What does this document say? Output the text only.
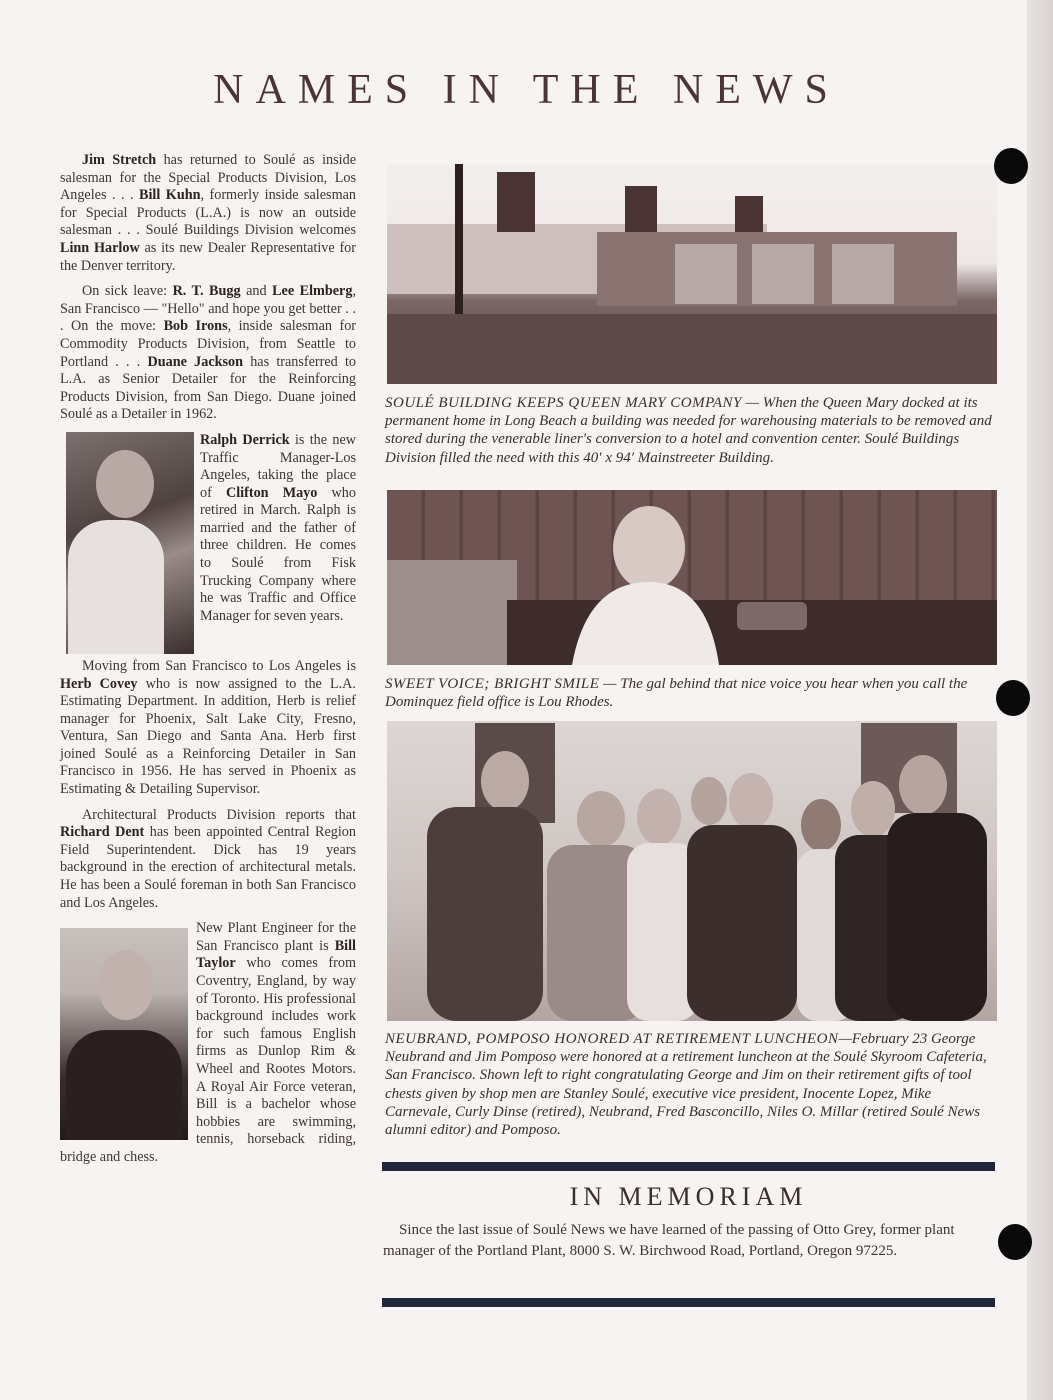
NAMES IN THE NEWS

Jim Stretch has returned to Soulé as inside salesman for the Special Products Division, Los Angeles . . . Bill Kuhn, formerly inside salesman for Special Products (L.A.) is now an outside salesman . . . Soulé Buildings Division welcomes Linn Harlow as its new Dealer Representative for the Denver territory.

On sick leave: R. T. Bugg and Lee Elmberg, San Francisco — "Hello" and hope you get better . . . On the move: Bob Irons, inside salesman for Commodity Products Division, from Seattle to Portland . . . Duane Jackson has transferred to L.A. as Senior Detailer for the Reinforcing Products Division, from San Diego. Duane joined Soulé as a Detailer in 1962.

Ralph Derrick is the new Traffic Manager-Los Angeles, taking the place of Clifton Mayo who retired in March. Ralph is married and the father of three children. He comes to Soulé from Fisk Trucking Company where he was Traffic and Office Manager for seven years.

Moving from San Francisco to Los Angeles is Herb Covey who is now assigned to the L.A. Estimating Department. In addition, Herb is relief manager for Phoenix, Salt Lake City, Fresno, Ventura, San Diego and Santa Ana. Herb first joined Soulé as a Reinforcing Detailer in San Francisco in 1956. He has served in Phoenix as Estimating & Detailing Supervisor.

Architectural Products Division reports that Richard Dent has been appointed Central Region Field Superintendent. Dick has 19 years background in the erection of architectural metals. He has been a Soulé foreman in both San Francisco and Los Angeles.

New Plant Engineer for the San Francisco plant is Bill Taylor who comes from Coventry, England, by way of Toronto. His professional background includes work for such famous English firms as Dunlop Rim & Wheel and Rootes Motors. A Royal Air Force veteran, Bill is a bachelor whose hobbies are swimming, tennis, horseback riding, bridge and chess.

SOULÉ BUILDING KEEPS QUEEN MARY COMPANY — When the Queen Mary docked at its permanent home in Long Beach a building was needed for warehousing materials to be removed and stored during the venerable liner's conversion to a hotel and convention center. Soulé Buildings Division filled the need with this 40′ x 94′ Mainstreeter Building.

SWEET VOICE; BRIGHT SMILE — The gal behind that nice voice you hear when you call the Dominquez field office is Lou Rhodes.

NEUBRAND, POMPOSO HONORED AT RETIREMENT LUNCHEON—February 23 George Neubrand and Jim Pomposo were honored at a retirement luncheon at the Soulé Skyroom Cafeteria, San Francisco. Shown left to right congratulating George and Jim on their retirement gifts of tool chests given by shop men are Stanley Soulé, executive vice president, Inocente Lopez, Mike Carnevale, Curly Dinse (retired), Neubrand, Fred Basconcillo, Niles O. Millar (retired Soulé News alumni editor) and Pomposo.

IN MEMORIAM

Since the last issue of Soulé News we have learned of the passing of Otto Grey, former plant manager of the Portland Plant, 8000 S. W. Birchwood Road, Portland, Oregon 97225.
